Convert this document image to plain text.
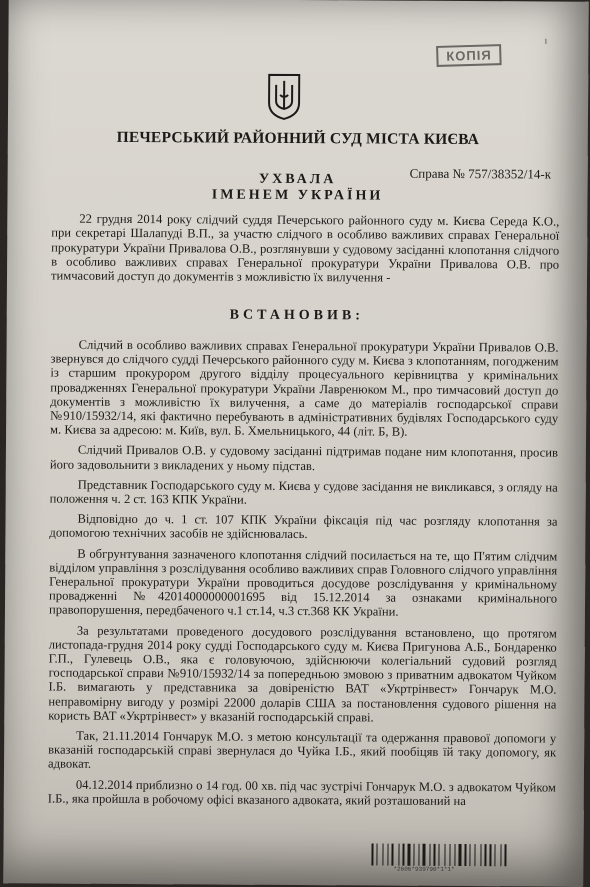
ı
КОПІЯ
ПЕЧЕРСЬКИЙ РАЙОННИЙ СУД МІСТА КИЄВА
Справа № 757/38352/14-к
УХВАЛА
ІМЕНЕМ УКРАЇНИ

22 грудня 2014 року слідчий суддя Печерського районного суду м. Києва Середа К.О., при секретарі Шалапуді В.П., за участю слідчого в особливо важливих справах Генеральної прокуратури України Привалова О.В., розглянувши у судовому засіданні клопотання слідчого в особливо важливих справах Генеральної прокуратури України Привалова О.В. про тимчасовий доступ до документів з можливістю їх вилучення -

ВСТАНОВИВ:

Слідчий в особливо важливих справах Генеральної прокуратури України Привалов О.В. звернувся до слідчого судді Печерського районного суду м. Києва з клопотанням, погодженим із старшим прокурором другого відділу процесуального керівництва у кримінальних провадженнях Генеральної прокуратури України Лавренюком М., про тимчасовий доступ до документів з можливістю їх вилучення, а саме до матеріалів господарської справи №910/15932/14, які фактично перебувають в адміністративних будівлях Господарського суду м. Києва за адресою: м. Київ, вул. Б. Хмельницького, 44 (літ. Б, В).

Слідчий Привалов О.В. у судовому засіданні підтримав подане ним клопотання, просив його задовольнити з викладених у ньому підстав.

Представник Господарського суду м. Києва у судове засідання не викликався, з огляду на положення ч. 2 ст. 163 КПК України.

Відповідно до ч. 1 ст. 107 КПК України фіксація під час розгляду клопотання за допомогою технічних засобів не здійснювалась.

В обгрунтування зазначеного клопотання слідчий посилається на те, що П'ятим слідчим відділом управління з розслідування особливо важливих справ Головного слідчого управління Генеральної прокуратури України проводиться досудове розслідування у кримінальному провадженні №42014000000001695 від 15.12.2014 за ознаками кримінального правопорушення, передбаченого ч.1 ст.14, ч.3 ст.368 КК України.

За результатами проведеного досудового розслідування встановлено, що протягом листопада-грудня 2014 року судді Господарського суду м. Києва Пригунова А.Б., Бондаренко Г.П., Гулевець О.В., яка є головуючою, здійснюючи колегіальний судовий розгляд господарської справи №910/15932/14 за попередньою змовою з приватним адвокатом Чуйком І.Б. вимагають у представника за довіреністю ВАТ «Укртрінвест» Гончарук М.О. неправомірну вигоду у розмірі 22000 доларів США за постановлення судового рішення на користь ВАТ «Укртрінвест» у вказаній господарській справі.

Так, 21.11.2014 Гончарук М.О. з метою консультації та одержання правової допомоги у вказаній господарській справі звернулася до Чуйка І.Б., який пообіцяв їй таку допомогу, як адвокат.

04.12.2014 приблизно о 14 год. 00 хв. під час зустрічі Гончарук М.О. з адвокатом Чуйком І.Б., яка пройшла в робочому офісі вказаного адвоката, який розташований на

*2606*939790*1*1*
